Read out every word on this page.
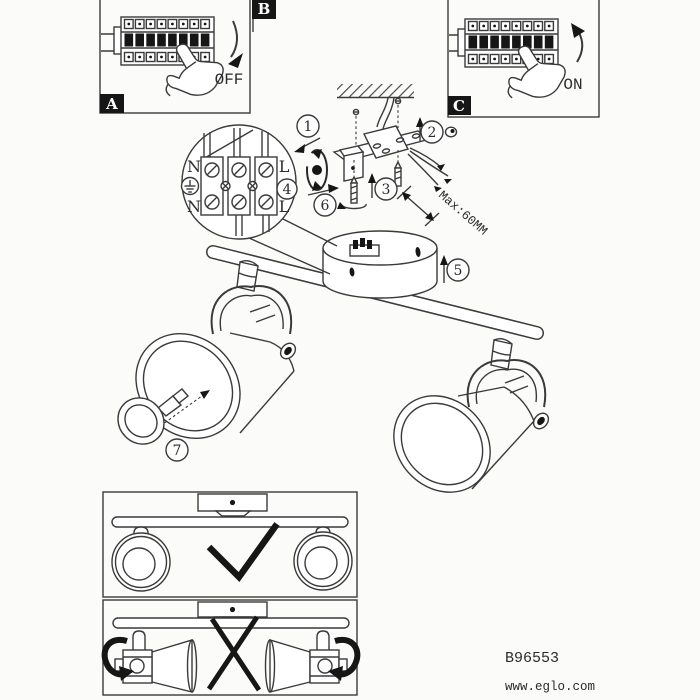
1
6
2
3
4
5
7
A
OFF
B
C
ON
N
N
L
L	Max:60MM
B96553
www.eglo.com
